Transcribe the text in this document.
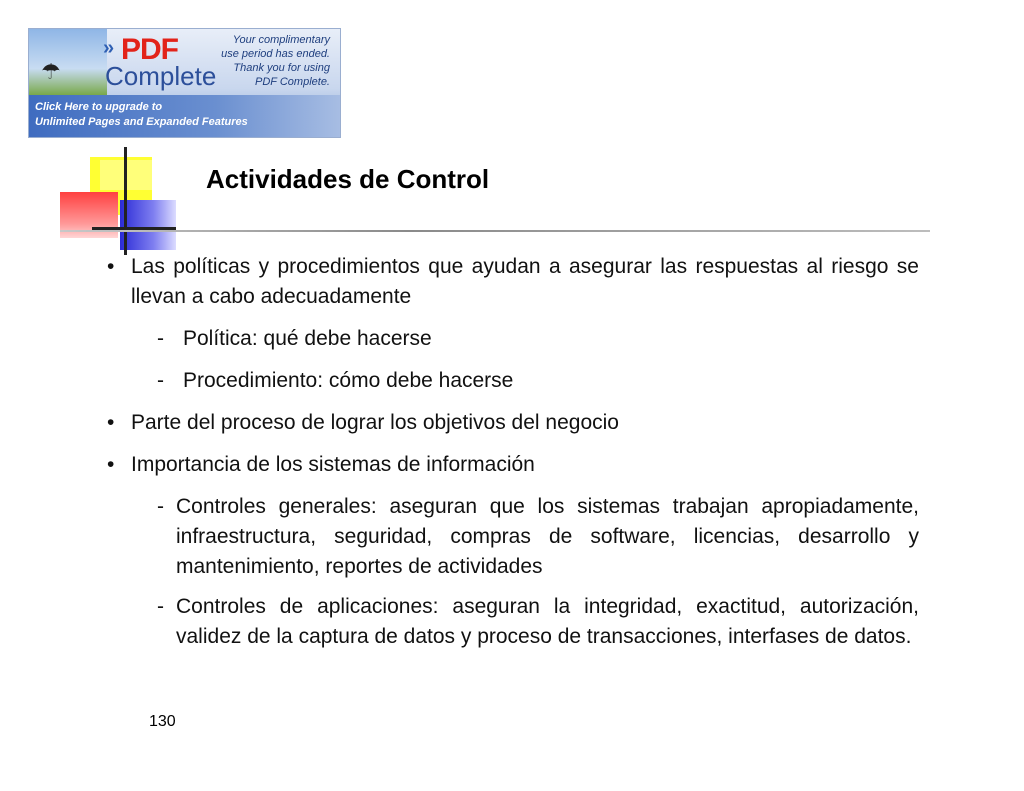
☂
» PDF
Complete
Your complimentary
use period has ended.
Thank you for using
PDF Complete.
Click Here to upgrade to
Unlimited Pages and Expanded Features
Actividades de Control
• Las políticas y procedimientos que ayudan a asegurar las respuestas al riesgo se llevan a cabo adecuadamente
- Política: qué debe hacerse
- Procedimiento: cómo debe hacerse
• Parte del proceso de lograr los objetivos del negocio
• Importancia de los sistemas de información
- Controles generales: aseguran que los sistemas trabajan apropiadamente, infraestructura, seguridad, compras de software, licencias, desarrollo y mantenimiento, reportes de actividades
- Controles de aplicaciones: aseguran la integridad, exactitud, autorización, validez de la captura de datos y proceso de transacciones, interfases de datos.
130
